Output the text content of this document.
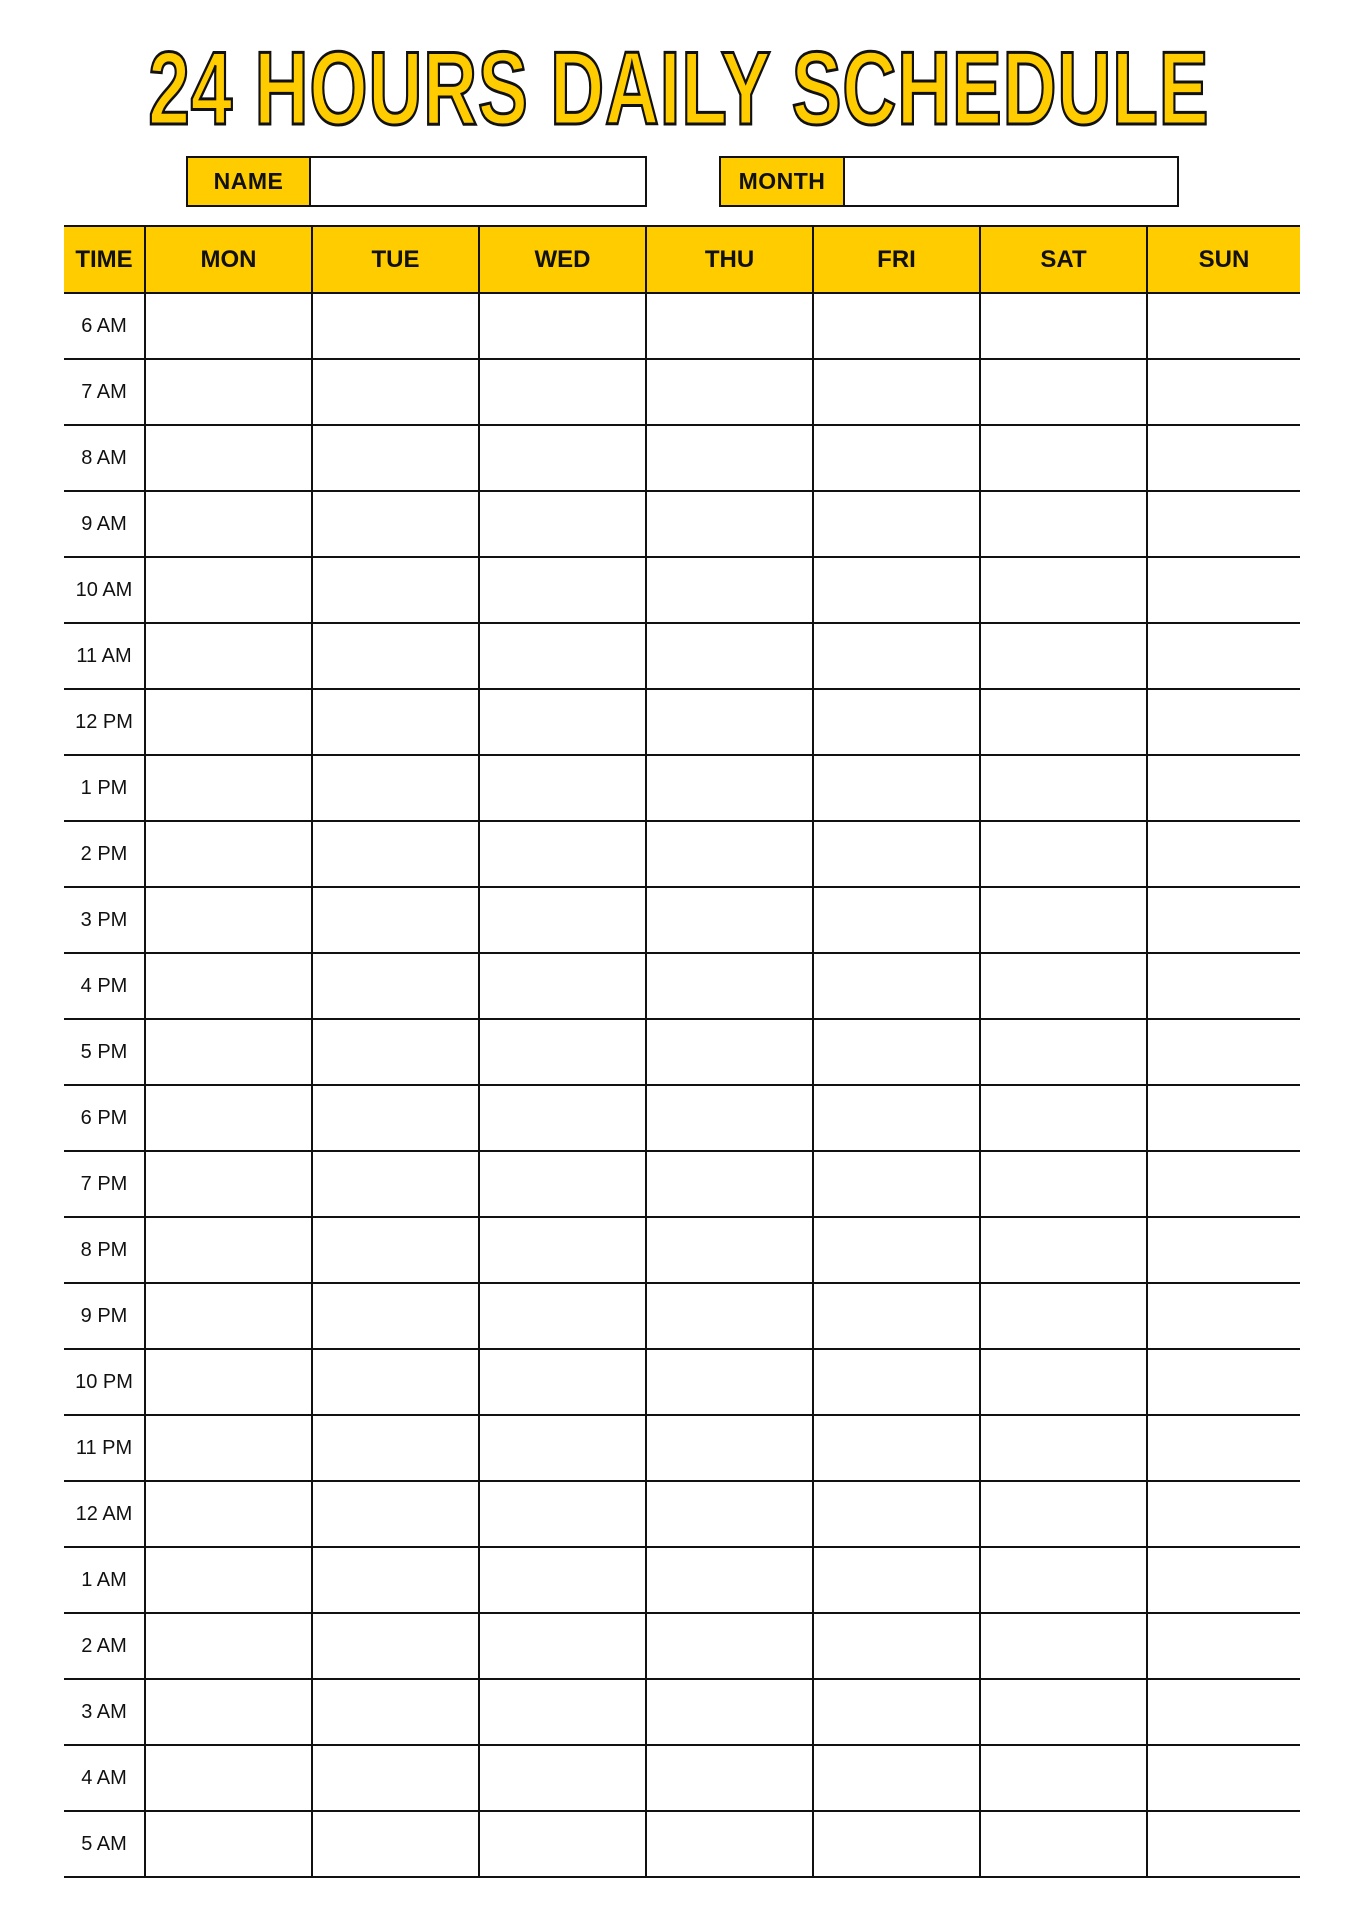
24 HOURS DAILY SCHEDULE
NAME	MONTH
TIME	MON	TUE	WED	THU	FRI	SAT	SUN
6 AM							
7 AM							
8 AM							
9 AM							
10 AM							
11 AM							
12 PM							
1 PM							
2 PM							
3 PM							
4 PM							
5 PM							
6 PM							
7 PM							
8 PM							
9 PM							
10 PM							
11 PM							
12 AM							
1 AM							
2 AM							
3 AM							
4 AM							
5 AM							
